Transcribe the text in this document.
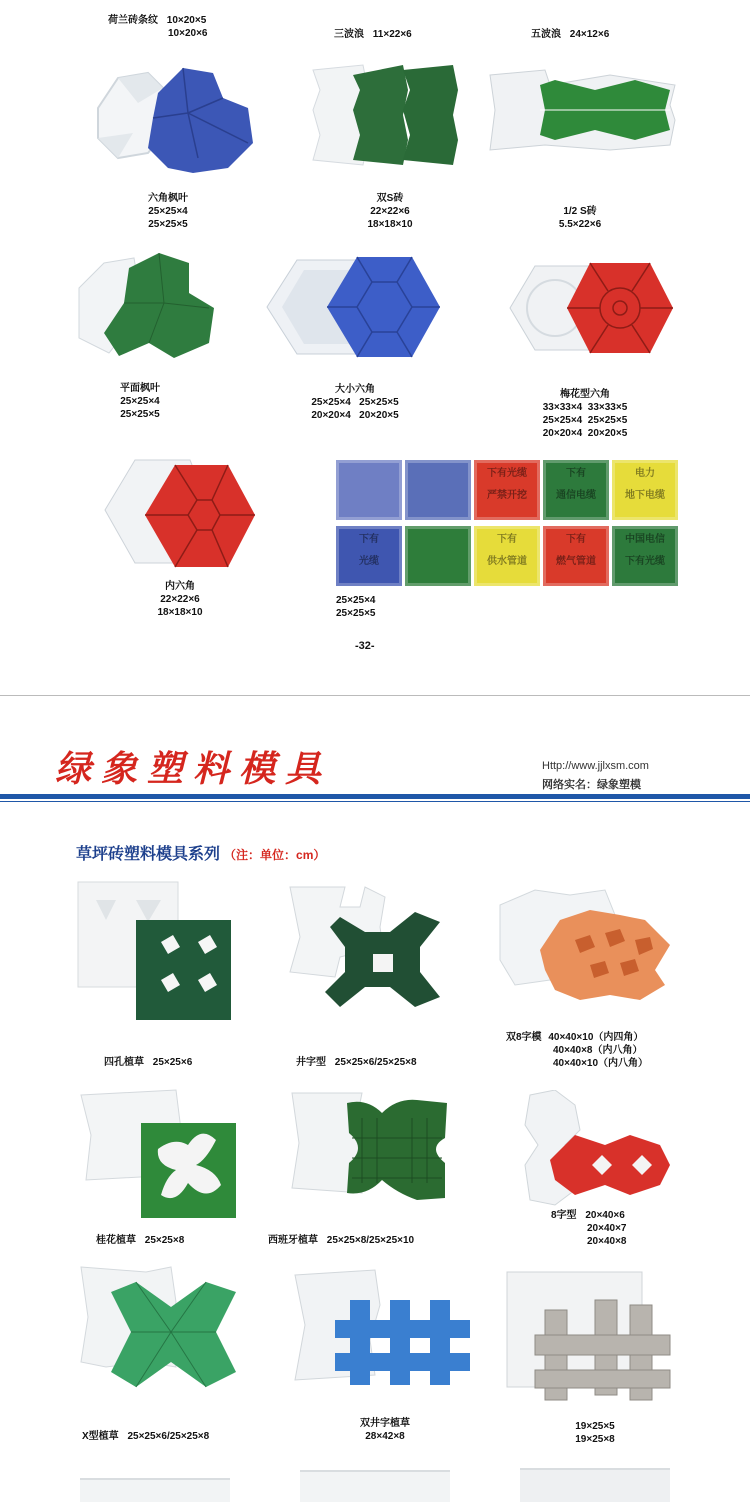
荷兰砖条纹 10×20×5
10×20×6	三波浪 11×22×6	五波浪 24×12×6
六角枫叶
25×25×4
25×25×5
双S砖
22×22×6
18×18×10
1/2 S砖
5.5×22×6
平面枫叶
25×25×4
25×25×5
大小六角
25×25×4   25×25×5
20×20×4   20×20×5
梅花型六角
33×33×4  33×33×5
25×25×4  25×25×5
20×20×4  20×20×5
内六角
22×22×6
18×18×10
下有光缆
严禁开挖
下有
通信电缆
电力
地下电缆
下有
光缆
下有
供水管道
下有
燃气管道
中国电信
下有光缆
25×25×4
25×25×5
-32-
绿象塑料模具	Http://www.jjlxsm.com
网络实名：绿象塑模
草坪砖塑料模具系列 （注：单位：cm）
四孔植草 25×25×6	井字型 25×25×6/25×25×8
双8字模 40×40×10（内四角）
40×40×8（内八角）
40×40×10（内八角）
桂花植草 25×25×8	西班牙植草 25×25×8/25×25×10
8字型 20×40×6
20×40×7
20×40×8
X型植草 25×25×6/25×25×8
双井字植草
28×42×8
19×25×5
19×25×8
